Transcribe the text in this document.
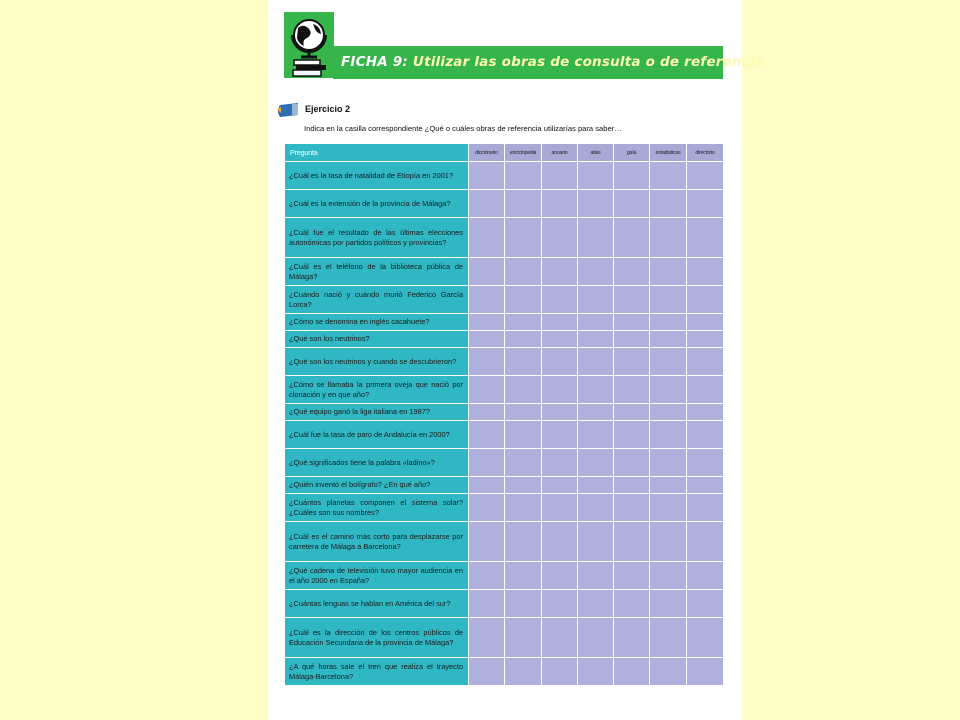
FICHA 9: Utilizar las obras de consulta o de referencia
Ejercicio 2
Indica en la casilla correspondiente ¿Qué o cuáles obras de referencia utilizarías para saber…
Pregunta	diccionario	enciclopedia	anuario	atlas	guía	estadísticas	directorio
¿Cuál es la tasa de natalidad de Etiopía en 2001?							
¿Cuál es la extensión de la provincia de Málaga?							
¿Cuál fue el resultado de las últimas elecciones autonómicas por partidos políticos y provincias?							
¿Cuál es el teléfono de la biblioteca pública de Málaga?							
¿Cuándo nació y cuándo murió Federico García Lorca?							
¿Cómo se denomina en inglés cacahuete?							
¿Qué son los neutrinos?							
¿Qué son los neutrinos y cuando se descubrieron?							
¿Cómo se llamaba la primera oveja que nació por clonación y en que año?							
¿Qué equipo ganó la liga italiana en 1987?							
¿Cuál fue la tasa de paro de Andalucía en 2000?							
¿Qué significados tiene la palabra «ladino»?							
¿Quién inventó el bolígrafo? ¿En qué año?							
¿Cuántos planetas componen el sistema solar? ¿Cuáles son sus nombres?							
¿Cuál es el camino más corto para desplazarse por carretera de Málaga a Barcelona?							
¿Qué cadena de televisión tuvo mayor audiencia en el año 2000 en España?							
¿Cuántas lenguas se hablan en América del sur?							
¿Cuál es la dirección de los centros públicos de Educación Secundaria de la provincia de Málaga?							
¿A qué horas sale el tren que realiza el trayecto Málaga-Barcelona?							
